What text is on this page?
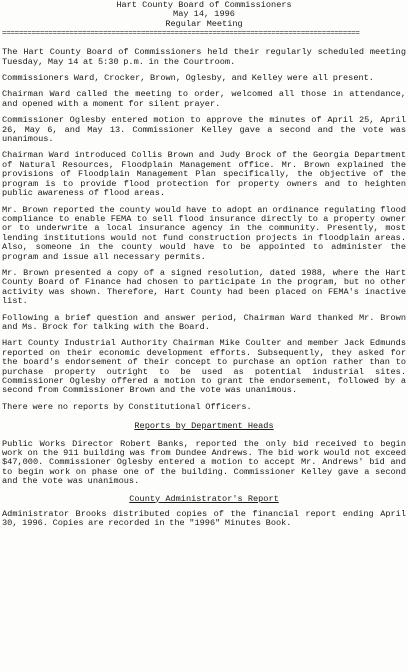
Hart County Board of Commissioners
May 14, 1996
Regular Meeting
=====================================================================================
The Hart County Board of Commissioners held their regularly scheduled meeting Tuesday, May 14 at 5:30 p.m. in the Courtroom.
Commissioners Ward, Crocker, Brown, Oglesby, and Kelley were all present.
Chairman Ward called the meeting to order, welcomed all those in attendance, and opened with a moment for silent prayer.
Commissioner Oglesby entered motion to approve the minutes of April 25, April 26, May 6, and May 13. Commissioner Kelley gave a second and the vote was unanimous.
Chairman Ward introduced Collis Brown and Judy Brock of the Georgia Department of Natural Resources, Floodplain Management office. Mr. Brown explained the provisions of Floodplain Management Plan specifically, the objective of the program is to provide flood protection for property owners and to heighten public awareness of flood areas.
Mr. Brown reported the county would have to adopt an ordinance regulating flood compliance to enable FEMA to sell flood insurance directly to a property owner or to underwrite a local insurance agency in the community. Presently, most lending institutions would not fund construction projects in floodplain areas. Also, someone in the county would have to be appointed to administer the program and issue all necessary permits.
Mr. Brown presented a copy of a signed resolution, dated 1988, where the Hart County Board of Finance had chosen to participate in the program, but no other activity was shown. Therefore, Hart County had been placed on FEMA's inactive list.
Following a brief question and answer period, Chairman Ward thanked Mr. Brown and Ms. Brock for talking with the Board.
Hart County Industrial Authority Chairman Mike Coulter and member Jack Edmunds reported on their economic development efforts. Subsequently, they asked for the board's endorsement of their concept to purchase an option rather than to purchase property outright to be used as potential industrial sites. Commissioner Oglesby offered a motion to grant the endorsement, followed by a second from Commissioner Brown and the vote was unanimous.
There were no reports by Constitutional Officers.
Reports by Department Heads
Public Works Director Robert Banks, reported the only bid received to begin work on the 911 building was from Dundee Andrews. The bid work would not exceed $47,000. Commissioner Oglesby entered a motion to accept Mr. Andrews' bid and to begin work on phase one of the building. Commissioner Kelley gave a second and the vote was unanimous.
County Administrator's Report
Administrator Brooks distributed copies of the financial report ending April 30, 1996. Copies are recorded in the "1996" Minutes Book.
